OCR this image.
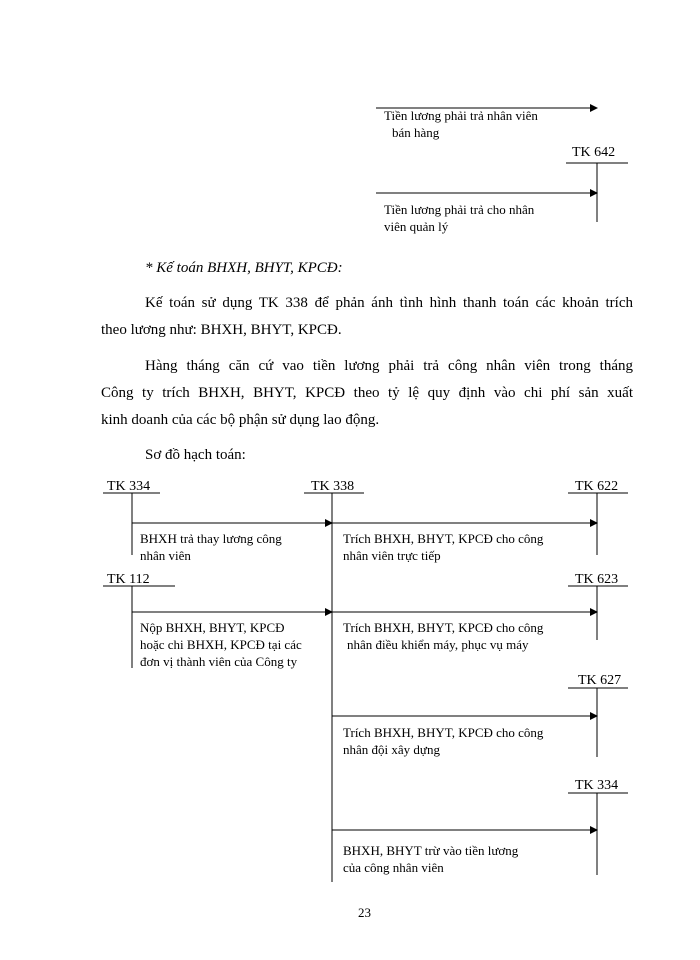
Tiền lương phải trả nhân viên
bán hàng
TK 642
Tiền lương phải trả cho nhân
viên quản lý
* Kế toán BHXH, BHYT, KPCĐ:
Kế toán sử dụng TK 338 để phản ánh tình hình thanh toán các khoản trích
theo lương như: BHXH, BHYT, KPCĐ.
Hàng tháng căn cứ vao tiền lương phải trả công nhân viên trong tháng
Công ty trích BHXH, BHYT, KPCĐ theo tỷ lệ quy định vào chi phí sản xuất
kinh doanh của các bộ phận sử dụng lao động.
Sơ đồ hạch toán:
TK 334	TK 338	TK 622
TK 112	TK 623
TK 627
TK 334
BHXH trả thay lương công
nhân viên
Trích BHXH, BHYT, KPCĐ cho công
nhân viên trực tiếp
Nộp BHXH, BHYT, KPCĐ
hoặc chi BHXH, KPCĐ tại các
đơn vị thành viên của Công ty
Trích BHXH, BHYT, KPCĐ cho công
nhân điều khiển máy, phục vụ máy
Trích BHXH, BHYT, KPCĐ cho công
nhân đội xây dựng
BHXH, BHYT trừ vào tiền lương
của công nhân viên
23
